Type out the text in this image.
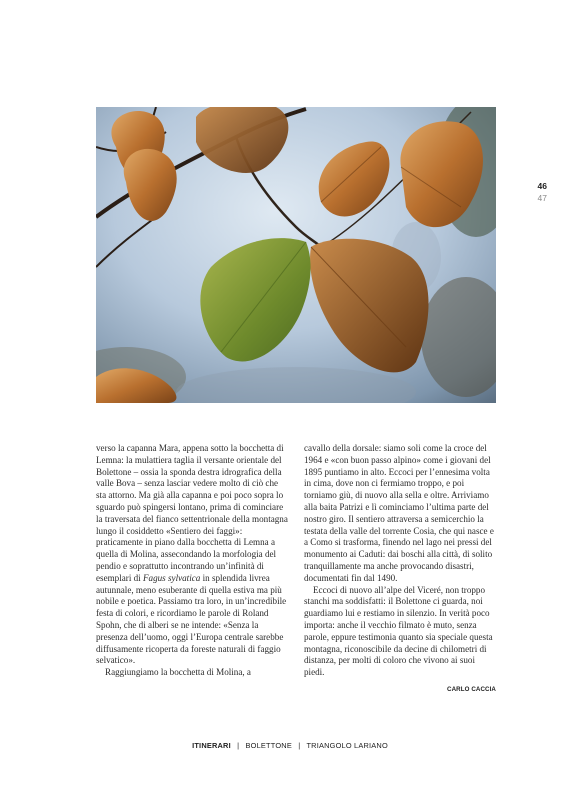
46
47

verso la capanna Mara, appena sotto la bocchetta di Lemna: la mulattiera taglia il versante orientale del Bolettone – ossia la sponda destra idrografica della valle Bova – senza lasciar vedere molto di ciò che sta attorno. Ma già alla capanna e poi poco sopra lo sguardo può spingersi lontano, prima di cominciare la traversata del fianco settentrionale della montagna lungo il cosiddetto «Sentiero dei faggi»: praticamente in piano dalla bocchetta di Lemna a quella di Molina, assecondando la morfologia del pendio e soprattutto incontrando un’infinità di esemplari di Fagus sylvatica in splendida livrea autunnale, meno esuberante di quella estiva ma più nobile e poetica. Passiamo tra loro, in un’incredibile festa di colori, e ricordiamo le parole di Roland Spohn, che di alberi se ne intende: «Senza la presenza dell’uomo, oggi l’Europa centrale sarebbe diffusamente ricoperta da foreste naturali di faggio selvatico».

Raggiungiamo la bocchetta di Molina, a

cavallo della dorsale: siamo soli come la croce del 1964 e «con buon passo alpino» come i giovani del 1895 puntiamo in alto. Eccoci per l’ennesima volta in cima, dove non ci fermiamo troppo, e poi torniamo giù, di nuovo alla sella e oltre. Arriviamo alla baita Patrizi e lì cominciamo l’ultima parte del nostro giro. Il sentiero attraversa a semicerchio la testata della valle del torrente Cosia, che qui nasce e a Como si trasforma, finendo nel lago nei pressi del monumento ai Caduti: dai boschi alla città, di solito tranquillamente ma anche provocando disastri, documentati fin dal 1490.

Eccoci di nuovo all’alpe del Viceré, non troppo stanchi ma soddisfatti: il Bolettone ci guarda, noi guardiamo lui e restiamo in silenzio. In verità poco importa: anche il vecchio filmato è muto, senza parole, eppure testimonia quanto sia speciale questa montagna, riconoscibile da decine di chilometri di distanza, per molti di coloro che vivono ai suoi piedi.

CARLO CACCIA
ITINERARI | BOLETTONE | TRIANGOLO LARIANO
